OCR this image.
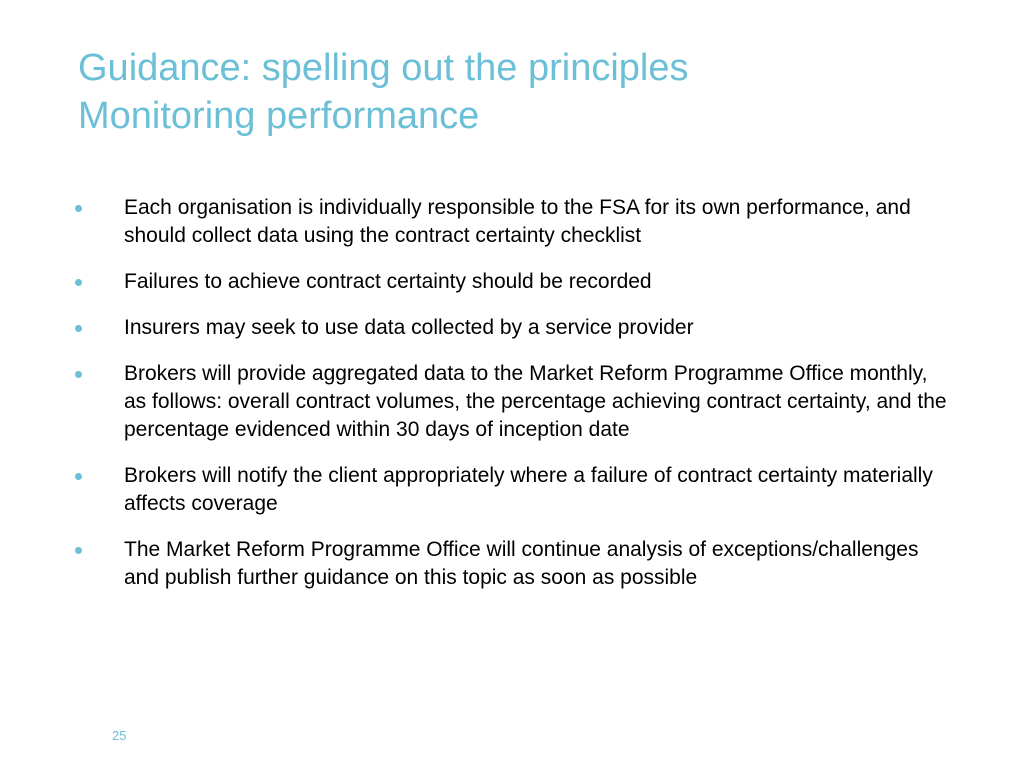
Guidance: spelling out the principles
Monitoring performance
Each organisation is individually responsible to the FSA for its own performance, and should collect data using the contract certainty checklist
Failures to achieve contract certainty should be recorded
Insurers may seek to use data collected by a service provider
Brokers will provide aggregated data to the Market Reform Programme Office monthly, as follows: overall contract volumes, the percentage achieving contract certainty, and the percentage evidenced within 30 days of inception date
Brokers will notify the client appropriately where a failure of contract certainty materially affects coverage
The Market Reform Programme Office will continue analysis of exceptions/challenges and publish further guidance on this topic as soon as possible
25
